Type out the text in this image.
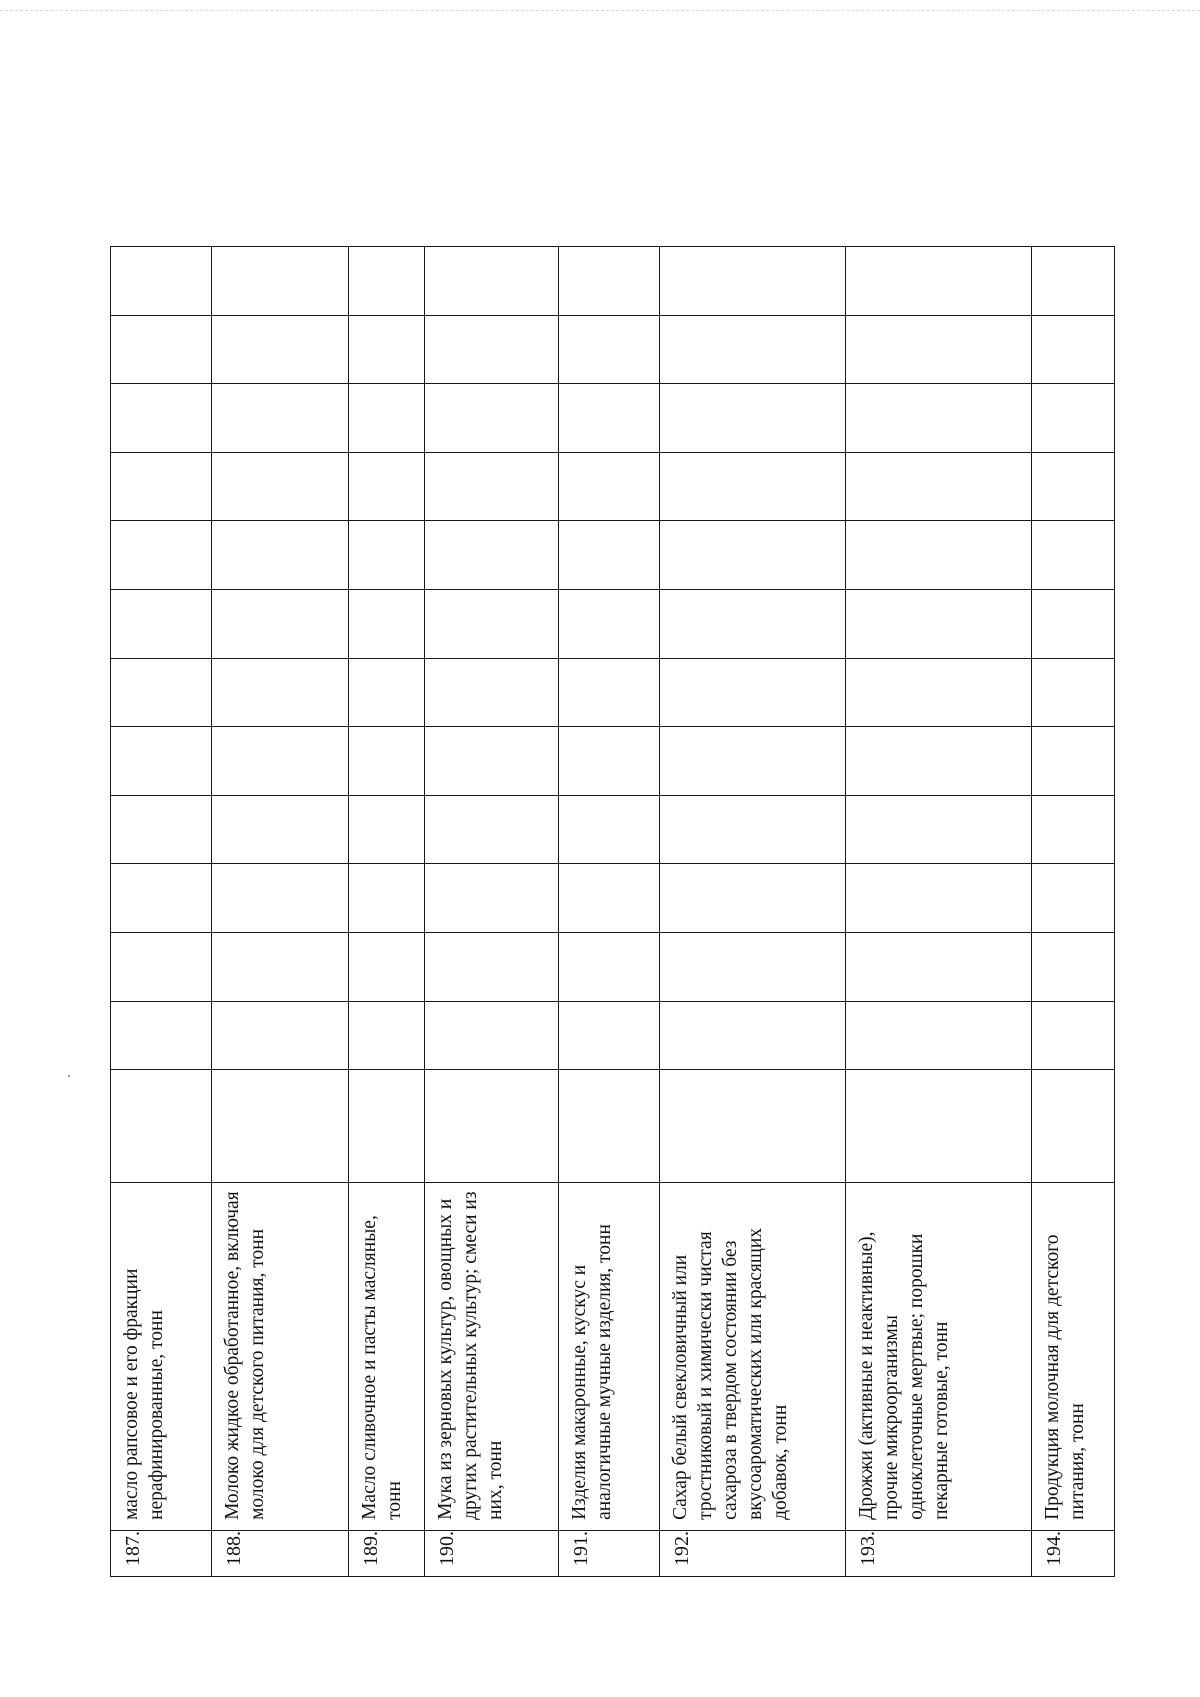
187.	масло рапсовое и его фракции нерафинированные, тонн													
188.	Молоко жидкое обработанное, включая молоко для детского питания, тонн													
189.	Масло сливочное и пасты масляные, тонн													
190.	Мука из зерновых культур, овощных и других растительных культур; смеси из них, тонн													
191.	Изделия макаронные, кускус и аналогичные мучные изделия, тонн													
192.	Сахар белый свекловичный или тростниковый и химически чистая сахароза в твердом состоянии без вкусоароматических или красящих добавок, тонн													
193.	Дрожжи (активные и неактивные), прочие микроорганизмы одноклеточные мертвые; порошки пекарные готовые, тонн													
194.	Продукция молочная для детского питания, тонн													
